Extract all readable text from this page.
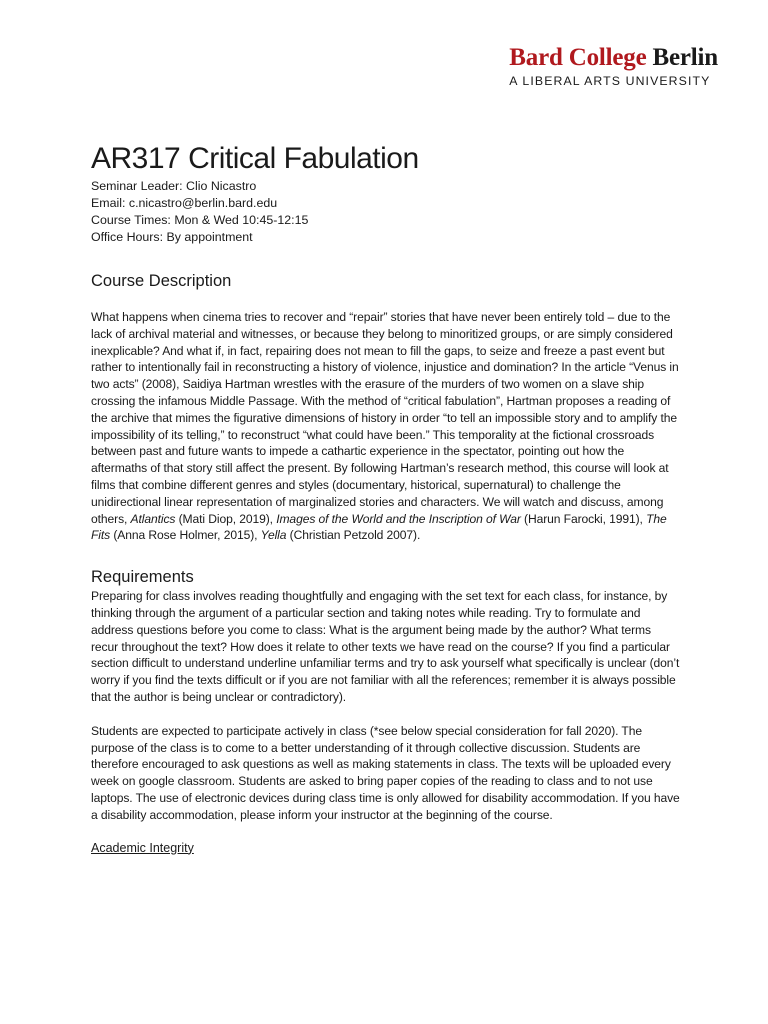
Bard College Berlin
A LIBERAL ARTS UNIVERSITY
AR317 Critical Fabulation
Seminar Leader: Clio Nicastro
Email: c.nicastro@berlin.bard.edu
Course Times: Mon & Wed 10:45-12:15
Office Hours: By appointment
Course Description

What happens when cinema tries to recover and “repair” stories that have never been entirely told – due to the lack of archival material and witnesses, or because they belong to minoritized groups, or are simply considered inexplicable? And what if, in fact, repairing does not mean to fill the gaps, to seize and freeze a past event but rather to intentionally fail in reconstructing a history of violence, injustice and domination? In the article “Venus in two acts” (2008), Saidiya Hartman wrestles with the erasure of the murders of two women on a slave ship crossing the infamous Middle Passage. With the method of “critical fabulation”, Hartman proposes a reading of the archive that mimes the figurative dimensions of history in order “to tell an impossible story and to amplify the impossibility of its telling,” to reconstruct “what could have been.” This temporality at the fictional crossroads between past and future wants to impede a cathartic experience in the spectator, pointing out how the aftermaths of that story still affect the present. By following Hartman’s research method, this course will look at films that combine different genres and styles (documentary, historical, supernatural) to challenge the unidirectional linear representation of marginalized stories and characters. We will watch and discuss, among others, Atlantics (Mati Diop, 2019), Images of the World and the Inscription of War (Harun Farocki, 1991), The Fits (Anna Rose Holmer, 2015), Yella (Christian Petzold 2007).

Requirements

Preparing for class involves reading thoughtfully and engaging with the set text for each class, for instance, by thinking through the argument of a particular section and taking notes while reading. Try to formulate and address questions before you come to class: What is the argument being made by the author? What terms recur throughout the text? How does it relate to other texts we have read on the course? If you find a particular section difficult to understand underline unfamiliar terms and try to ask yourself what specifically is unclear (don’t worry if you find the texts difficult or if you are not familiar with all the references; remember it is always possible that the author is being unclear or contradictory).

Students are expected to participate actively in class (*see below special consideration for fall 2020). The purpose of the class is to come to a better understanding of it through collective discussion. Students are therefore encouraged to ask questions as well as making statements in class. The texts will be uploaded every week on google classroom. Students are asked to bring paper copies of the reading to class and to not use laptops. The use of electronic devices during class time is only allowed for disability accommodation. If you have a disability accommodation, please inform your instructor at the beginning of the course.

Academic Integrity
